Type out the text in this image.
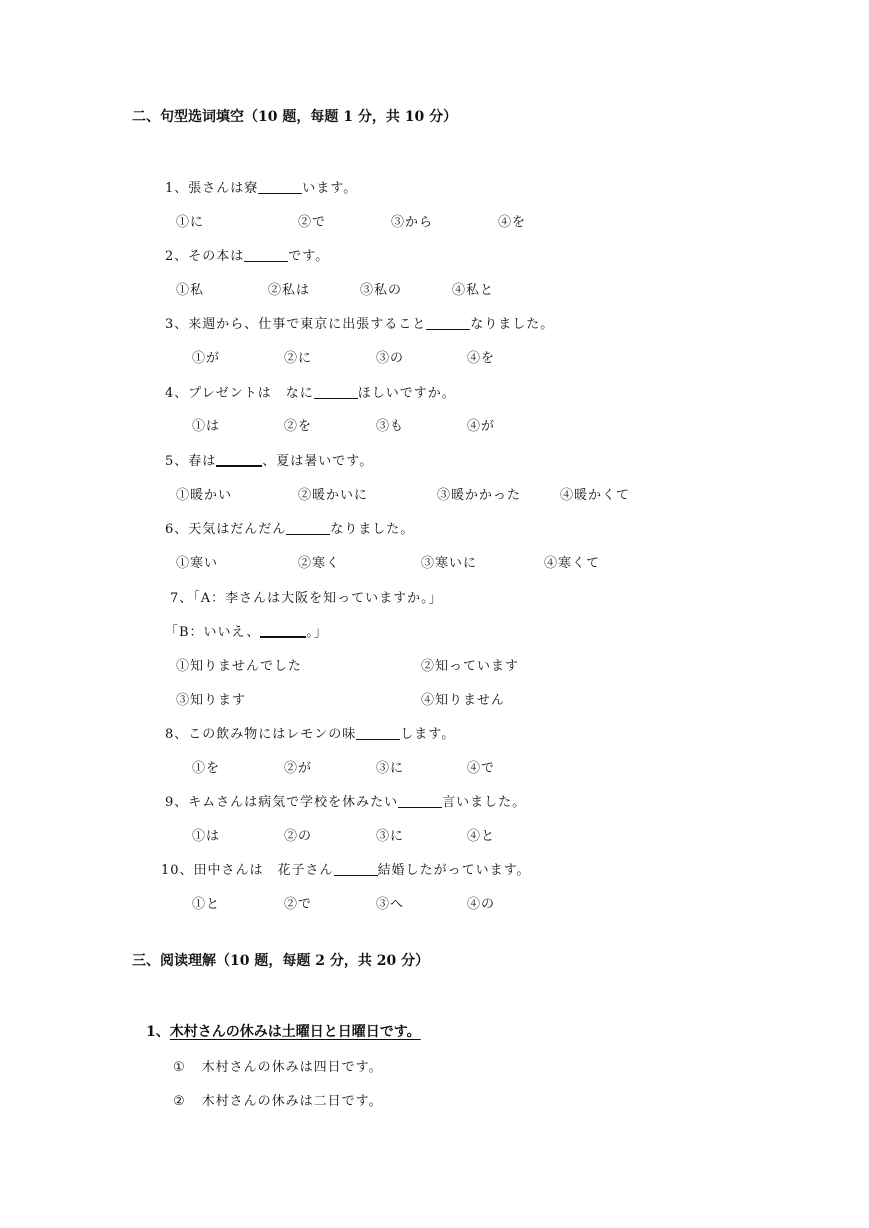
二、句型选词填空（10 题，每题 1 分，共 10 分）
1、張さんは寮	います。
①に	②で	③から	④を
2、その本は	です。
①私	②私は	③私の	④私と
3、来週から、仕事で東京に出張すること	なりました。
①が	②に	③の	④を
4、プレゼントは　なに	ほしいですか。
①は	②を	③も	④が
5、春は	、夏は暑いです。
①暖かい	②暖かいに	③暖かかった	④暖かくて
6、天気はだんだん	なりました。
①寒い	②寒く	③寒いに	④寒くて
7、「A：李さんは大阪を知っていますか。」
「B：いいえ、	。」
①知りませんでした	②知っています
③知ります	④知りません
8、この飲み物にはレモンの味	します。
①を	②が	③に	④で
9、キムさんは病気で学校を休みたい	言いました。
①は	②の	③に	④と
10、田中さんは　花子さん	結婚したがっています。
①と	②で	③へ	④の
三、阅读理解（10 题，每题 2 分，共 20 分）
1、木村さんの休みは土曜日と日曜日です。
① 木村さんの休みは四日です。
② 木村さんの休みは二日です。
